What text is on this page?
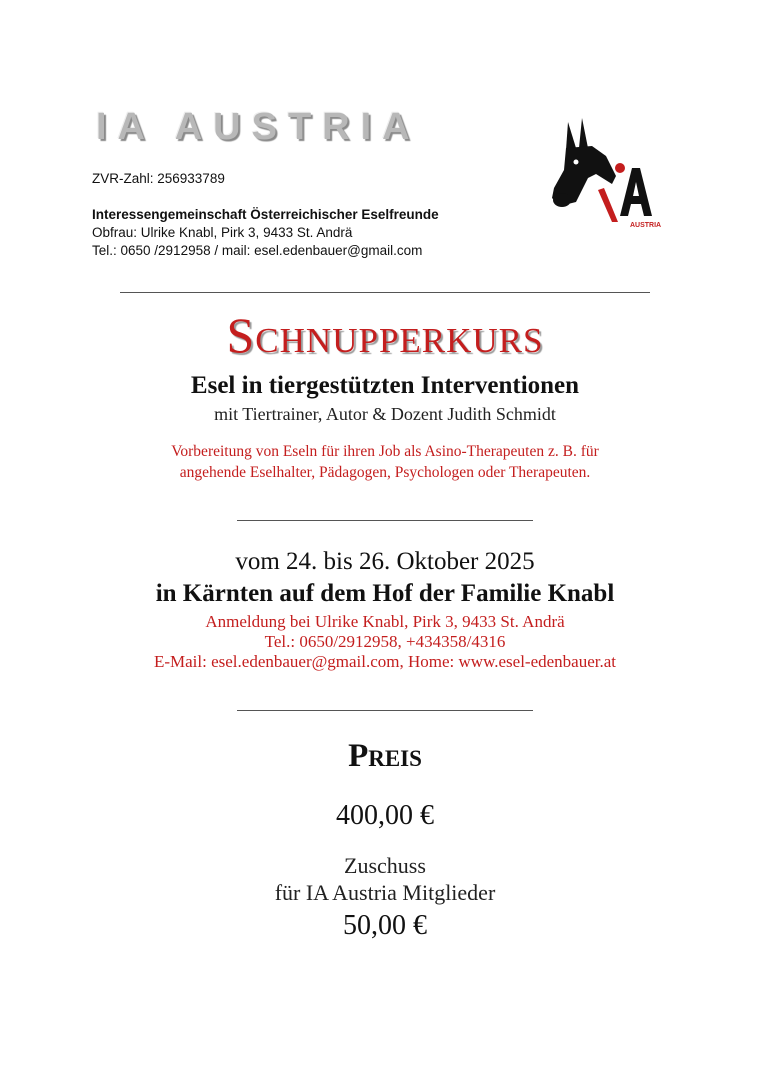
IA AUSTRIA
ZVR-Zahl: 256933789
Interessengemeinschaft Österreichischer Eselfreunde
Obfrau: Ulrike Knabl, Pirk 3, 9433 St. Andrä
Tel.: 0650 /2912958 / mail: esel.edenbauer@gmail.com
AUSTRIA
Schnupperkurs
Esel in tiergestützten Interventionen
mit Tiertrainer, Autor & Dozent Judith Schmidt
Vorbereitung von Eseln für ihren Job als Asino-Therapeuten z. B. für
angehende Eselhalter, Pädagogen, Psychologen oder Therapeuten.
vom 24. bis 26. Oktober 2025
in Kärnten auf dem Hof der Familie Knabl
Anmeldung bei Ulrike Knabl, Pirk 3, 9433 St. Andrä
Tel.: 0650/2912958, +434358/4316
E-Mail: esel.edenbauer@gmail.com, Home: www.esel-edenbauer.at
Preis
400,00 €
Zuschuss
für IA Austria Mitglieder
50,00 €
